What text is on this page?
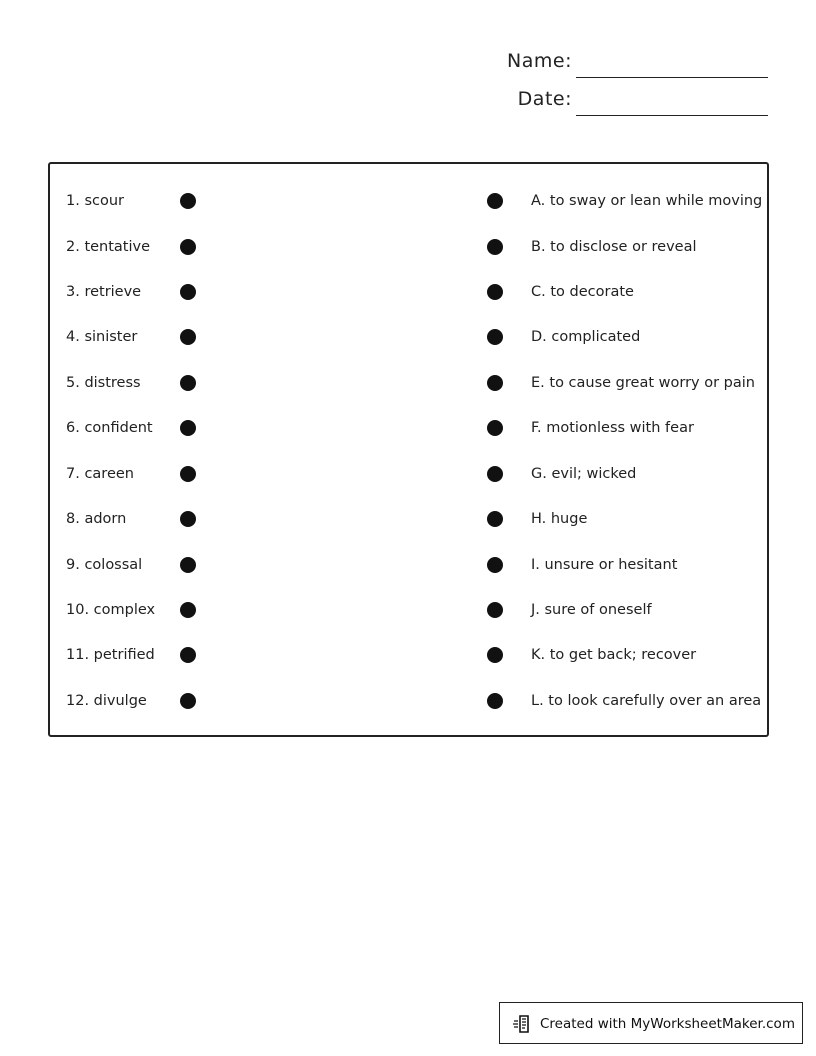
Name:
Date:
1. scour	A. to sway or lean while moving
2. tentative	B. to disclose or reveal
3. retrieve	C. to decorate
4. sinister	D. complicated
5. distress	E. to cause great worry or pain
6. confident	F. motionless with fear
7. careen	G. evil; wicked
8. adorn	H. huge
9. colossal	I. unsure or hesitant
10. complex	J. sure of oneself
11. petrified	K. to get back; recover
12. divulge	L. to look carefully over an area
Created with MyWorksheetMaker.com
